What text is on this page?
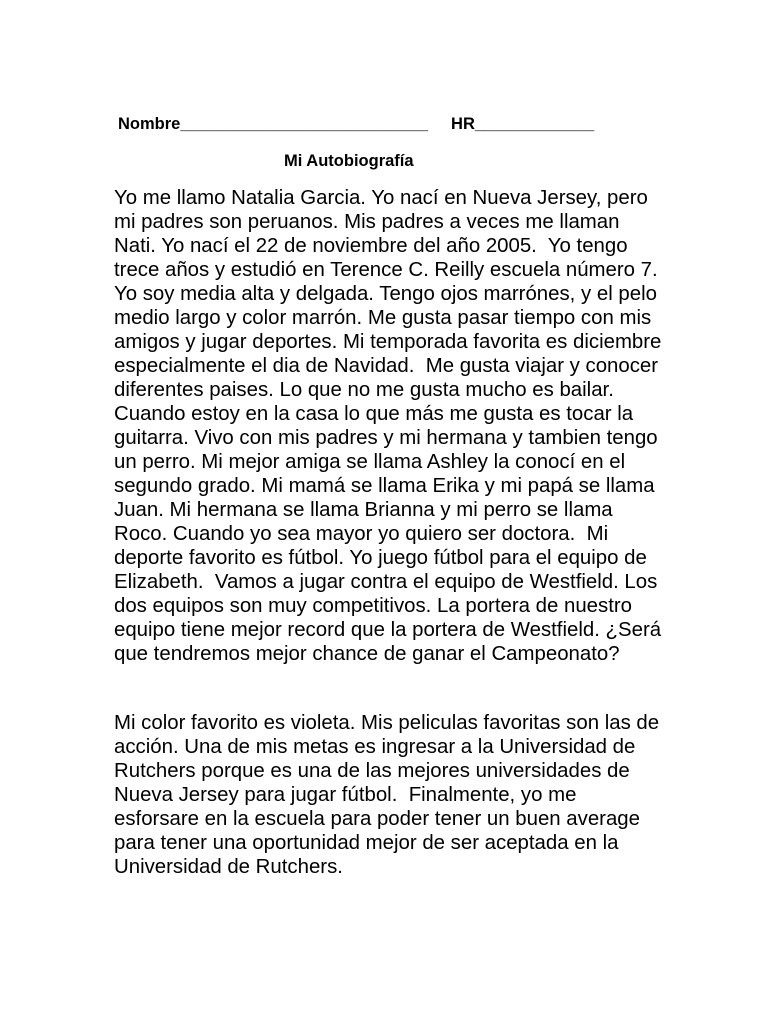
Nombre___________________________ HR_____________
Mi Autobiografía

Yo me llamo Natalia Garcia. Yo nací en Nueva Jersey, pero
mi padres son peruanos. Mis padres a veces me llaman
Nati. Yo nací el 22 de noviembre del año 2005.  Yo tengo
trece años y estudió en Terence C. Reilly escuela número 7.
Yo soy media alta y delgada. Tengo ojos marrónes, y el pelo
medio largo y color marrón. Me gusta pasar tiempo con mis
amigos y jugar deportes. Mi temporada favorita es diciembre
especialmente el dia de Navidad.  Me gusta viajar y conocer
diferentes paises. Lo que no me gusta mucho es bailar.
Cuando estoy en la casa lo que más me gusta es tocar la
guitarra. Vivo con mis padres y mi hermana y tambien tengo
un perro. Mi mejor amiga se llama Ashley la conocí en el
segundo grado. Mi mamá se llama Erika y mi papá se llama
Juan. Mi hermana se llama Brianna y mi perro se llama
Roco. Cuando yo sea mayor yo quiero ser doctora.  Mi
deporte favorito es fútbol. Yo juego fútbol para el equipo de
Elizabeth.  Vamos a jugar contra el equipo de Westfield. Los
dos equipos son muy competitivos. La portera de nuestro
equipo tiene mejor record que la portera de Westfield. ¿Será
que tendremos mejor chance de ganar el Campeonato?

Mi color favorito es violeta. Mis peliculas favoritas son las de
acción. Una de mis metas es ingresar a la Universidad de
Rutchers porque es una de las mejores universidades de
Nueva Jersey para jugar fútbol.  Finalmente, yo me
esforsare en la escuela para poder tener un buen average
para tener una oportunidad mejor de ser aceptada en la
Universidad de Rutchers.
